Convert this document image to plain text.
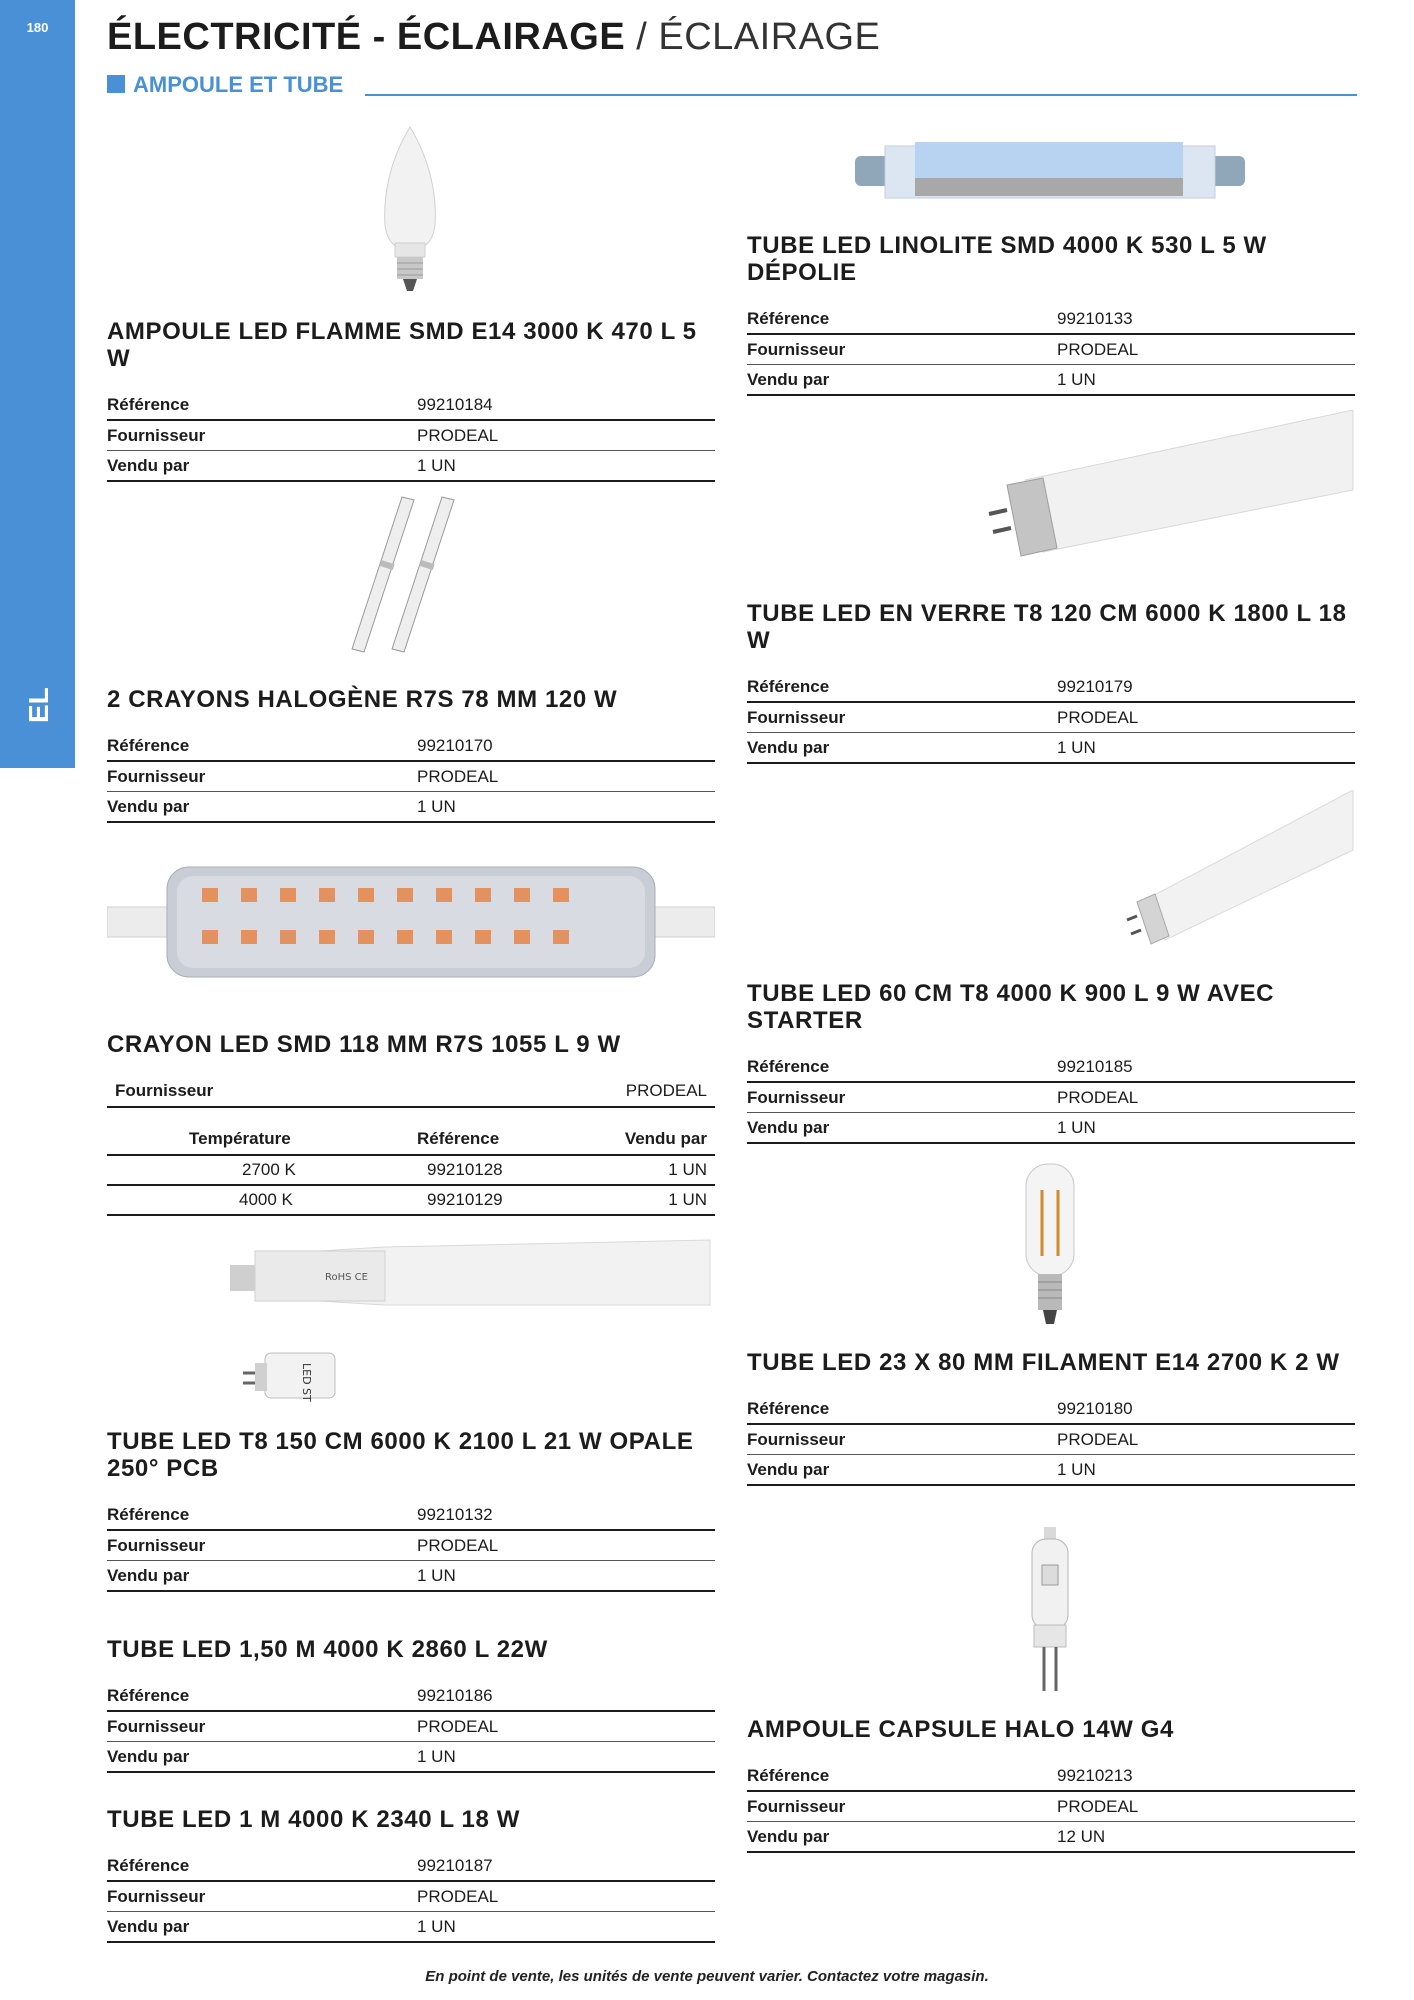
180
EL
ÉLECTRICITÉ - ÉCLAIRAGE / ÉCLAIRAGE
AMPOULE ET TUBE
AMPOULE LED FLAMME SMD E14 3000 K 470 L 5 W
Référence	99210184
Fournisseur	PRODEAL
Vendu par	1 UN
2 CRAYONS HALOGÈNE R7S 78 MM 120 W
Référence	99210170
Fournisseur	PRODEAL
Vendu par	1 UN
CRAYON LED SMD 118 MM R7S 1055 L 9 W
Fournisseur	PRODEAL
Température	Référence	Vendu par
2700 K	99210128	1 UN
4000 K	99210129	1 UN
RoHS CE
LED ST
TUBE LED T8 150 CM 6000 K 2100 L 21 W OPALE 250° PCB
Référence	99210132
Fournisseur	PRODEAL
Vendu par	1 UN
TUBE LED 1,50 M 4000 K 2860 L 22W
Référence	99210186
Fournisseur	PRODEAL
Vendu par	1 UN
TUBE LED 1 M 4000 K 2340 L 18 W
Référence	99210187
Fournisseur	PRODEAL
Vendu par	1 UN
TUBE LED LINOLITE SMD 4000 K 530 L 5 W DÉPOLIE
Référence	99210133
Fournisseur	PRODEAL
Vendu par	1 UN
TUBE LED EN VERRE T8 120 CM 6000 K 1800 L 18 W
Référence	99210179
Fournisseur	PRODEAL
Vendu par	1 UN
TUBE LED 60 CM T8 4000 K 900 L 9 W AVEC STARTER
Référence	99210185
Fournisseur	PRODEAL
Vendu par	1 UN
TUBE LED 23 X 80 MM FILAMENT E14 2700 K 2 W
Référence	99210180
Fournisseur	PRODEAL
Vendu par	1 UN
AMPOULE CAPSULE HALO 14W G4
Référence	99210213
Fournisseur	PRODEAL
Vendu par	12 UN
En point de vente, les unités de vente peuvent varier. Contactez votre magasin.
